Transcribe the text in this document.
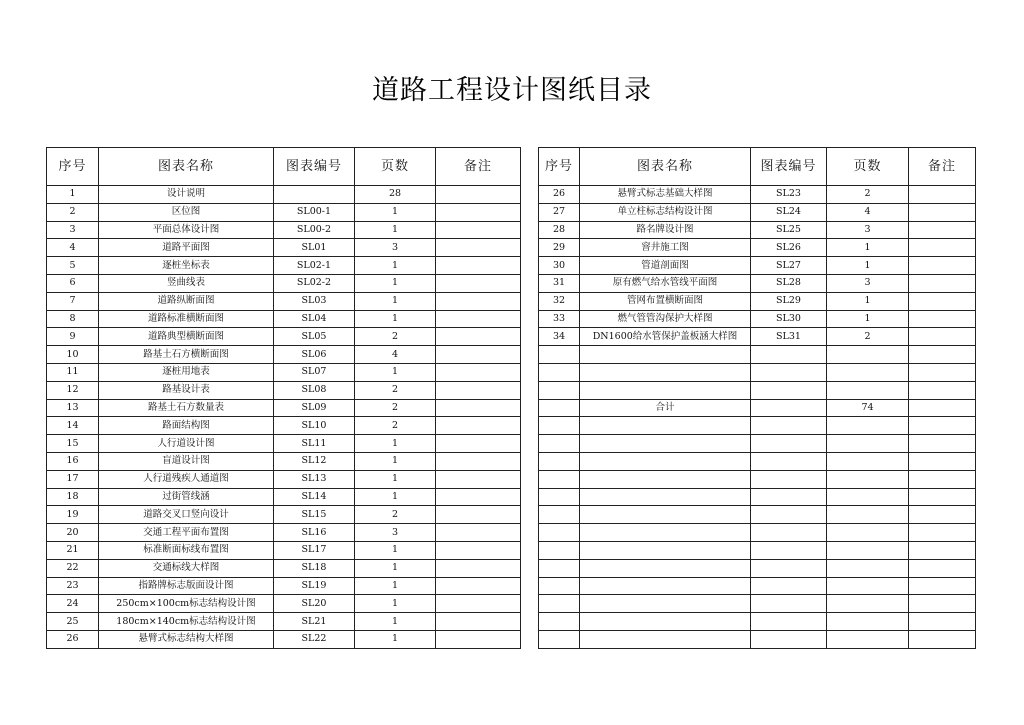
道路工程设计图纸目录
序号	图表名称	图表编号	页数	备注
1	设计说明		28	
2	区位图	SL00-1	1	
3	平面总体设计图	SL00-2	1	
4	道路平面图	SL01	3	
5	逐桩坐标表	SL02-1	1	
6	竖曲线表	SL02-2	1	
7	道路纵断面图	SL03	1	
8	道路标准横断面图	SL04	1	
9	道路典型横断面图	SL05	2	
10	路基土石方横断面图	SL06	4	
11	逐桩用地表	SL07	1	
12	路基设计表	SL08	2	
13	路基土石方数量表	SL09	2	
14	路面结构图	SL10	2	
15	人行道设计图	SL11	1	
16	盲道设计图	SL12	1	
17	人行道残疾人通道图	SL13	1	
18	过街管线涵	SL14	1	
19	道路交叉口竖向设计	SL15	2	
20	交通工程平面布置图	SL16	3	
21	标准断面标线布置图	SL17	1	
22	交通标线大样图	SL18	1	
23	指路牌标志版面设计图	SL19	1	
24	250cm×100cm标志结构设计图	SL20	1	
25	180cm×140cm标志结构设计图	SL21	1	
26	悬臂式标志结构大样图	SL22	1	
序号	图表名称	图表编号	页数	备注
26	悬臂式标志基础大样图	SL23	2	
27	单立柱标志结构设计图	SL24	4	
28	路名牌设计图	SL25	3	
29	窨井施工图	SL26	1	
30	管道剖面图	SL27	1	
31	原有燃气给水管线平面图	SL28	3	
32	管网布置横断面图	SL29	1	
33	燃气管管沟保护大样图	SL30	1	
34	DN1600给水管保护盖板涵大样图	SL31	2	

	合计		74	
